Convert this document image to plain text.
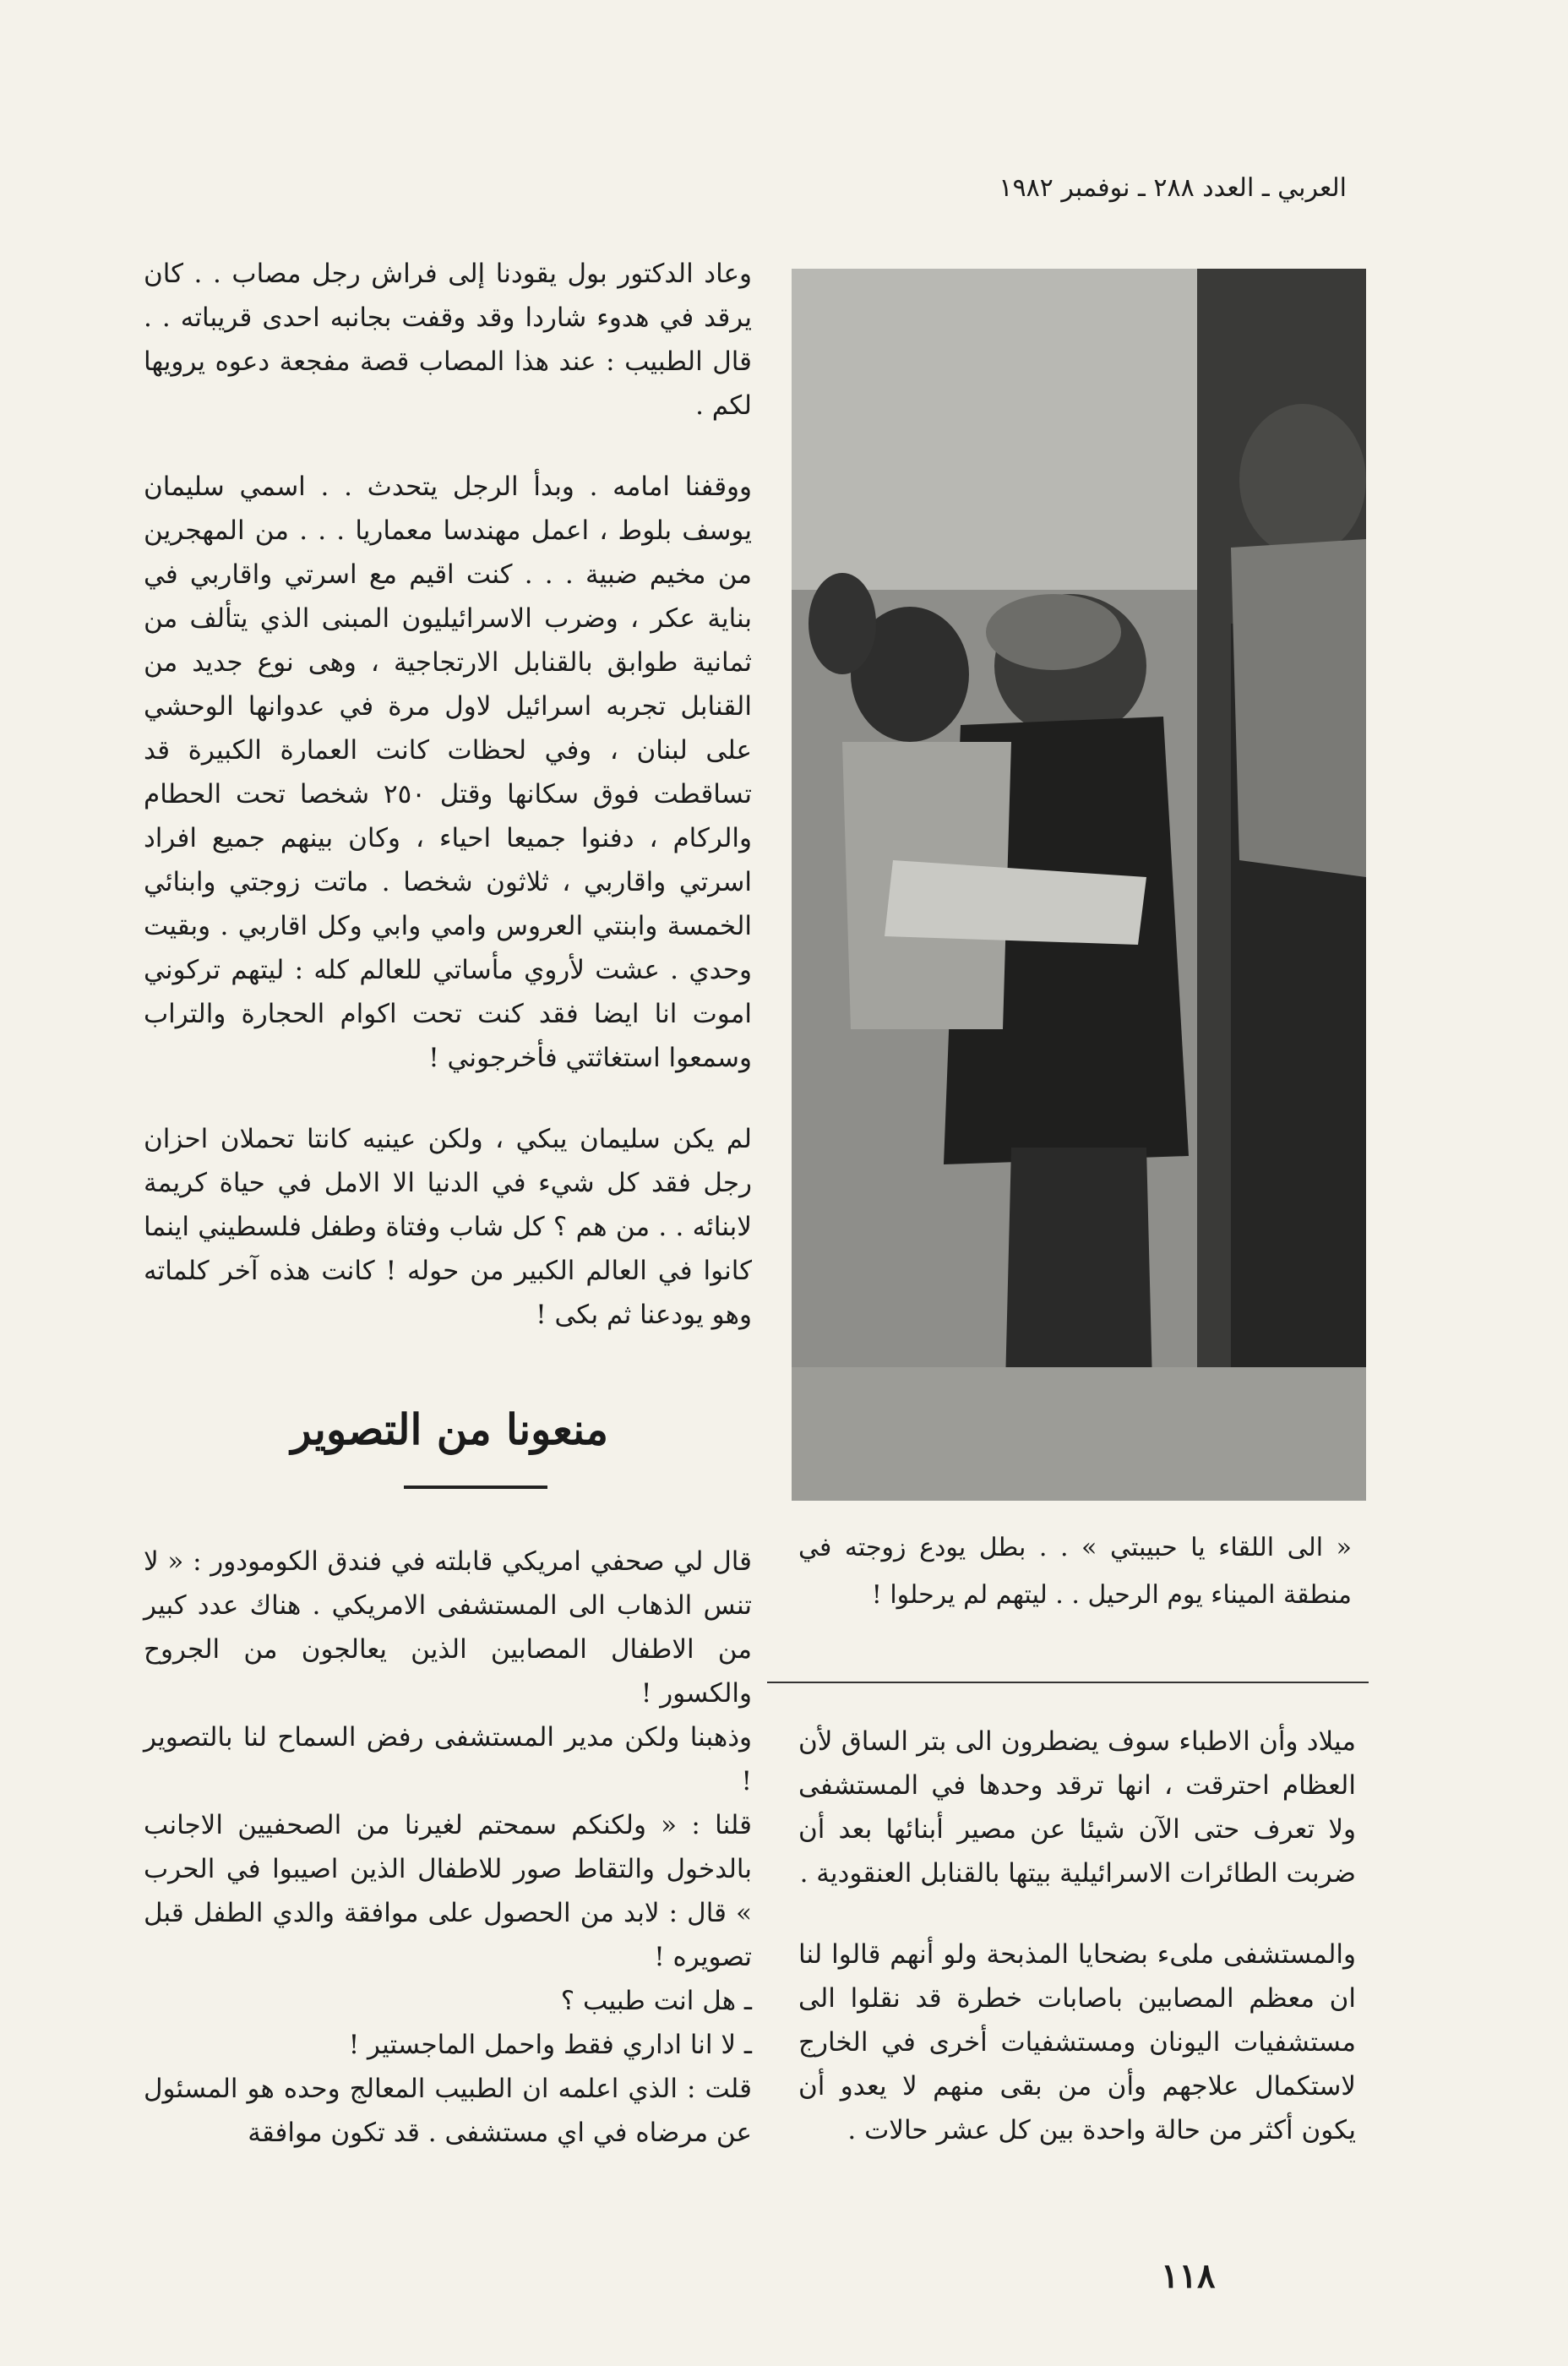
العربي ـ العدد ٢٨٨ ـ نوفمبر ١٩٨٢

وعاد الدكتور بول يقودنا إلى فراش رجل مصاب . . كان يرقد في هدوء شاردا وقد وقفت بجانبه احدى قريباته . . قال الطبيب : عند هذا المصاب قصة مفجعة دعوه يرويها لكم .

ووقفنا امامه . وبدأ الرجل يتحدث . . اسمي سليمان يوسف بلوط ، اعمل مهندسا معماريا . . . من المهجرين من مخيم ضبية . . . كنت اقيم مع اسرتي واقاربي في بناية عكر ، وضرب الاسرائيليون المبنى الذي يتألف من ثمانية طوابق بالقنابل الارتجاجية ، وهى نوع جديد من القنابل تجربه اسرائيل لاول مرة في عدوانها الوحشي على لبنان ، وفي لحظات كانت العمارة الكبيرة قد تساقطت فوق سكانها وقتل ٢٥٠ شخصا تحت الحطام والركام ، دفنوا جميعا احياء ، وكان بينهم جميع افراد اسرتي واقاربي ، ثلاثون شخصا . ماتت زوجتي وابنائي الخمسة وابنتي العروس وامي وابي وكل اقاربي . وبقيت وحدي . عشت لأروي مأساتي للعالم كله : ليتهم تركوني اموت انا ايضا فقد كنت تحت اكوام الحجارة والتراب وسمعوا استغاثتي فأخرجوني !

لم يكن سليمان يبكي ، ولكن عينيه كانتا تحملان احزان رجل فقد كل شيء في الدنيا الا الامل في حياة كريمة لابنائه . . من هم ؟ كل شاب وفتاة وطفل فلسطيني اينما كانوا في العالم الكبير من حوله ! كانت هذه آخر كلماته وهو يودعنا ثم بكى !

منعونا من التصوير

قال لي صحفي امريكي قابلته في فندق الكومودور : « لا تنس الذهاب الى المستشفى الامريكي . هناك عدد كبير من الاطفال المصابين الذين يعالجون من الجروح والكسور !

وذهبنا ولكن مدير المستشفى رفض السماح لنا بالتصوير !

قلنا : « ولكنكم سمحتم لغيرنا من الصحفيين الاجانب بالدخول والتقاط صور للاطفال الذين اصيبوا في الحرب » قال : لابد من الحصول على موافقة والدي الطفل قبل تصويره !

ـ هل انت طبيب ؟

ـ لا انا اداري فقط واحمل الماجستير !

قلت : الذي اعلمه ان الطبيب المعالج وحده هو المسئول عن مرضاه في اي مستشفى . قد تكون موافقة

« الى اللقاء يا حبيبتي » . . بطل يودع زوجته في منطقة الميناء يوم الرحيل . . ليتهم لم يرحلوا !

ميلاد وأن الاطباء سوف يضطرون الى بتر الساق لأن العظام احترقت ، انها ترقد وحدها في المستشفى ولا تعرف حتى الآن شيئا عن مصير أبنائها بعد أن ضربت الطائرات الاسرائيلية بيتها بالقنابل العنقودية .

والمستشفى ملىء بضحايا المذبحة ولو أنهم قالوا لنا ان معظم المصابين باصابات خطرة قد نقلوا الى مستشفيات اليونان ومستشفيات أخرى في الخارج لاستكمال علاجهم وأن من بقى منهم لا يعدو أن يكون أكثر من حالة واحدة بين كل عشر حالات .

١١٨
